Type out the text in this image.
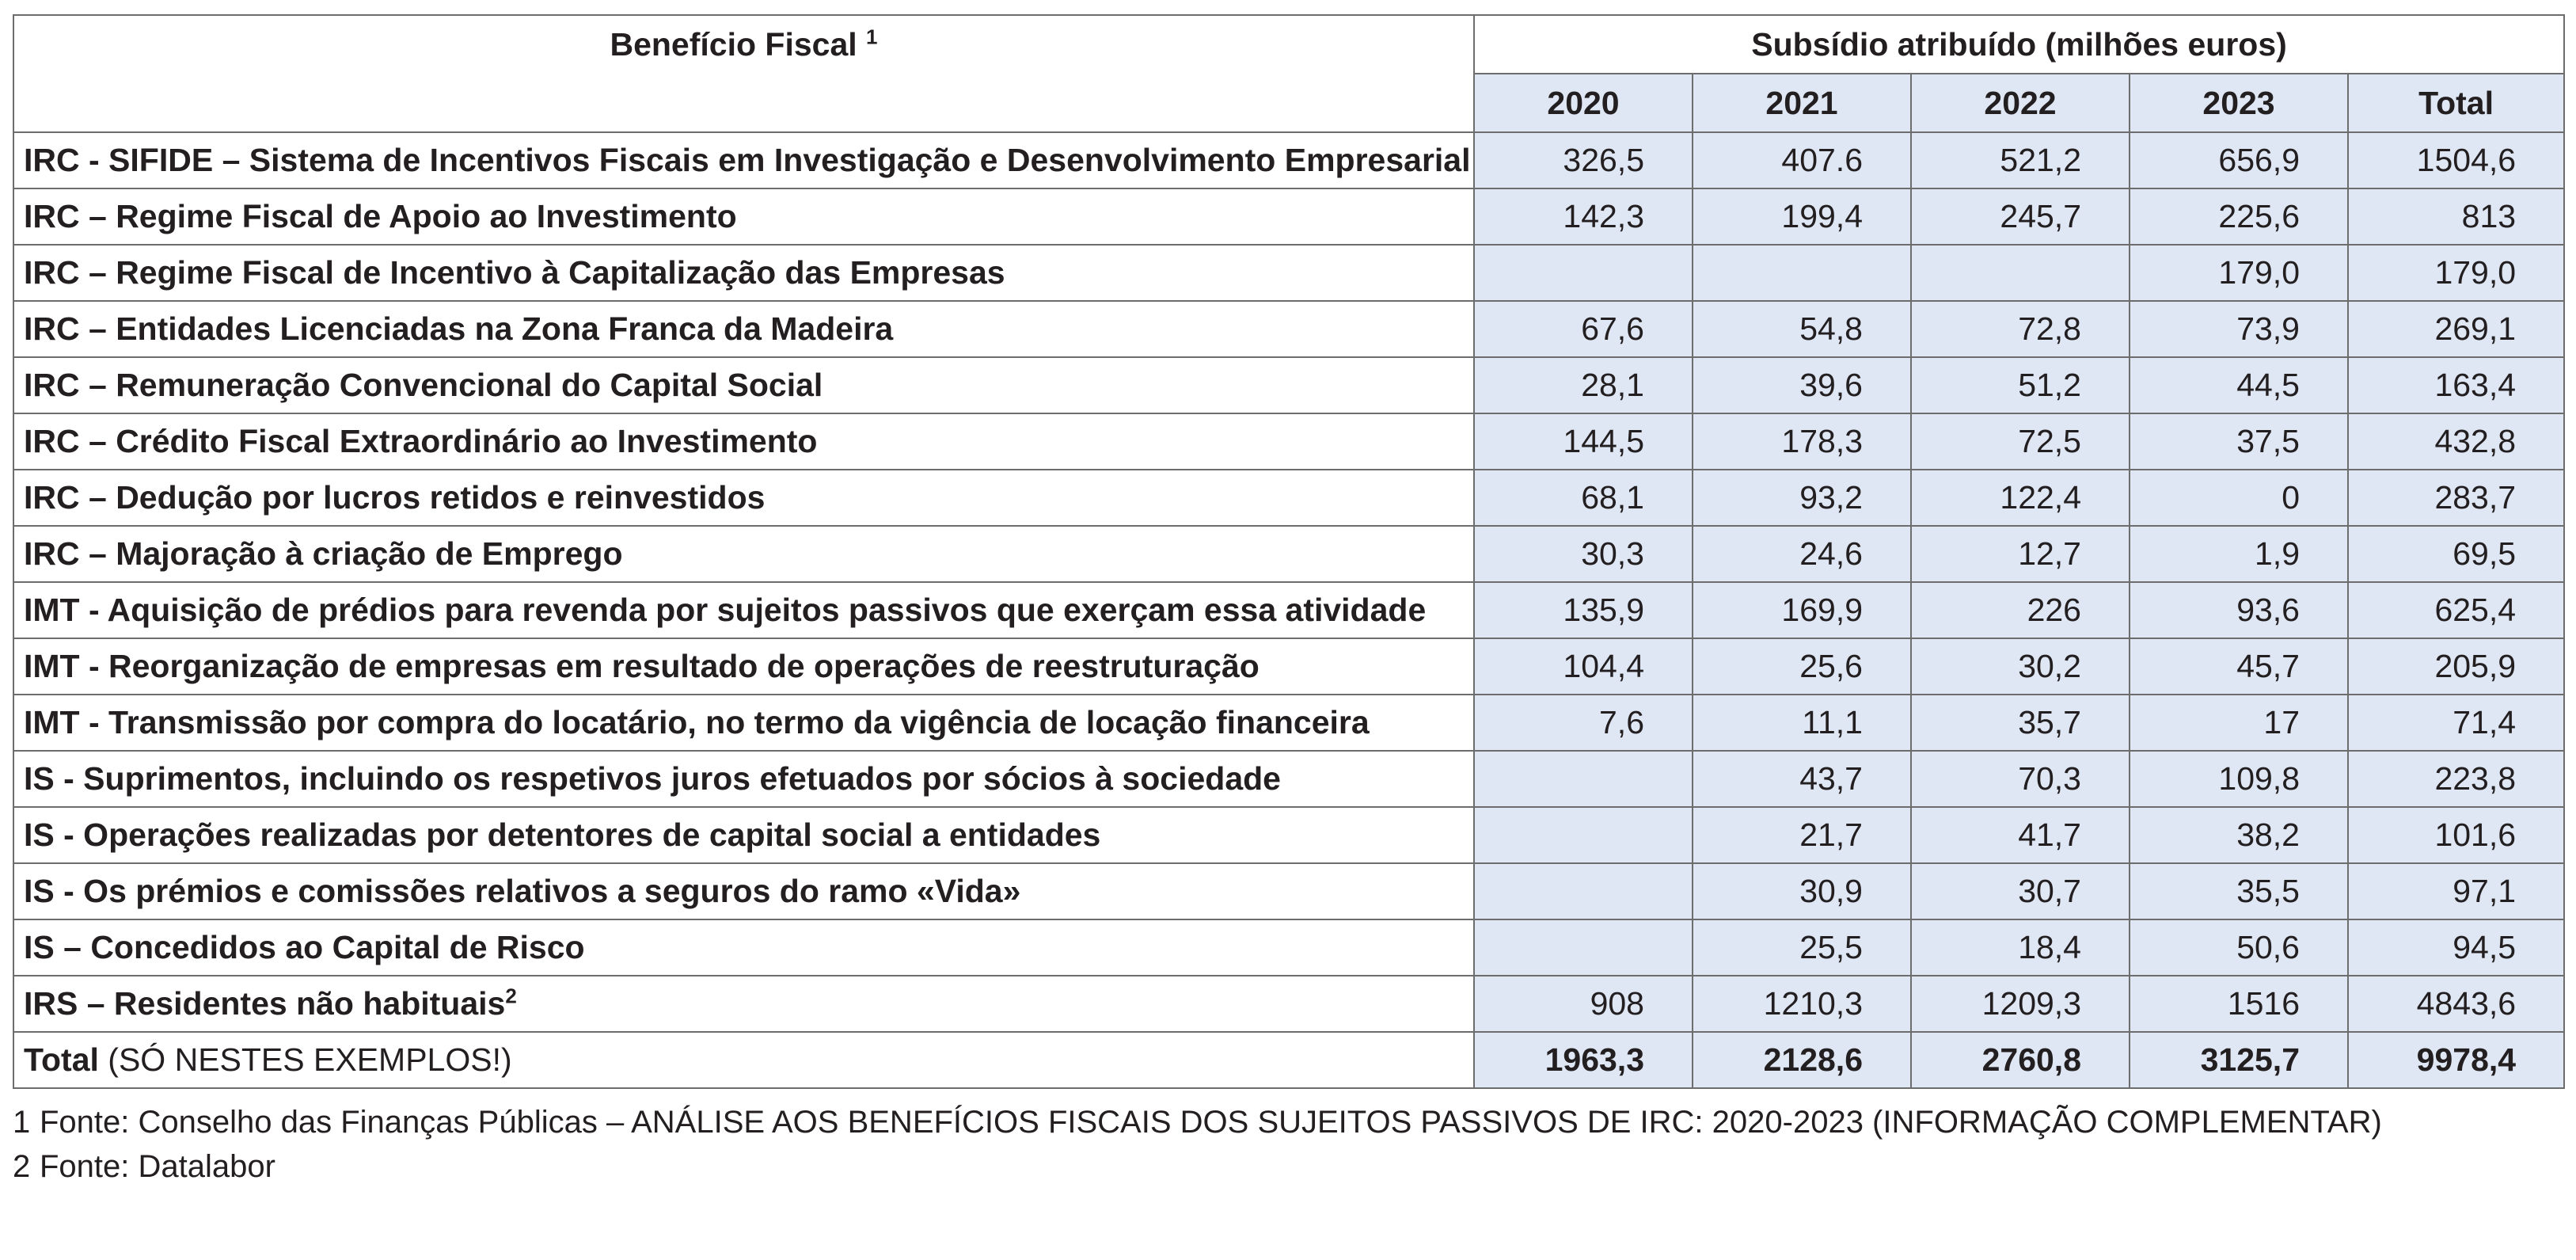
Benefício Fiscal $^1$	Subsídio atribuído (milhões euros)				
	2020	2021	2022	2023	Total
IRC - SIFIDE – Sistema de Incentivos Fiscais em Investigação e Desenvolvimento Empresarial	326,5	407.6	521,2	656,9	1504,6
IRC – Regime Fiscal de Apoio ao Investimento	142,3	199,4	245,7	225,6	813
IRC – Regime Fiscal de Incentivo à Capitalização das Empresas				179,0	179,0
IRC – Entidades Licenciadas na Zona Franca da Madeira	67,6	54,8	72,8	73,9	269,1
IRC – Remuneração Convencional do Capital Social	28,1	39,6	51,2	44,5	163,4
IRC – Crédito Fiscal Extraordinário ao Investimento	144,5	178,3	72,5	37,5	432,8
IRC – Dedução por lucros retidos e reinvestidos	68,1	93,2	122,4	0	283,7
IRC – Majoração à criação de Emprego	30,3	24,6	12,7	1,9	69,5
IMT - Aquisição de prédios para revenda por sujeitos passivos que exerçam essa atividade	135,9	169,9	226	93,6	625,4
IMT - Reorganização de empresas em resultado de operações de reestruturação	104,4	25,6	30,2	45,7	205,9
IMT - Transmissão por compra do locatário, no termo da vigência de locação financeira	7,6	11,1	35,7	17	71,4
IS - Suprimentos, incluindo os respetivos juros efetuados por sócios à sociedade		43,7	70,3	109,8	223,8
IS - Operações realizadas por detentores de capital social a entidades		21,7	41,7	38,2	101,6
IS - Os prémios e comissões relativos a seguros do ramo «Vida»		30,9	30,7	35,5	97,1
IS – Concedidos ao Capital de Risco		25,5	18,4	50,6	94,5
IRS – Residentes não habituais$^2$	908	1210,3	1209,3	1516	4843,6
Total (SÓ NESTES EXEMPLOS!)	1963,3	2128,6	2760,8	3125,7	9978,4
1 Fonte: Conselho das Finanças Públicas – ANÁLISE AOS BENEFÍCIOS FISCAIS DOS SUJEITOS PASSIVOS DE IRC: 2020-2023 (INFORMAÇÃO COMPLEMENTAR)
2 Fonte: Datalabor
